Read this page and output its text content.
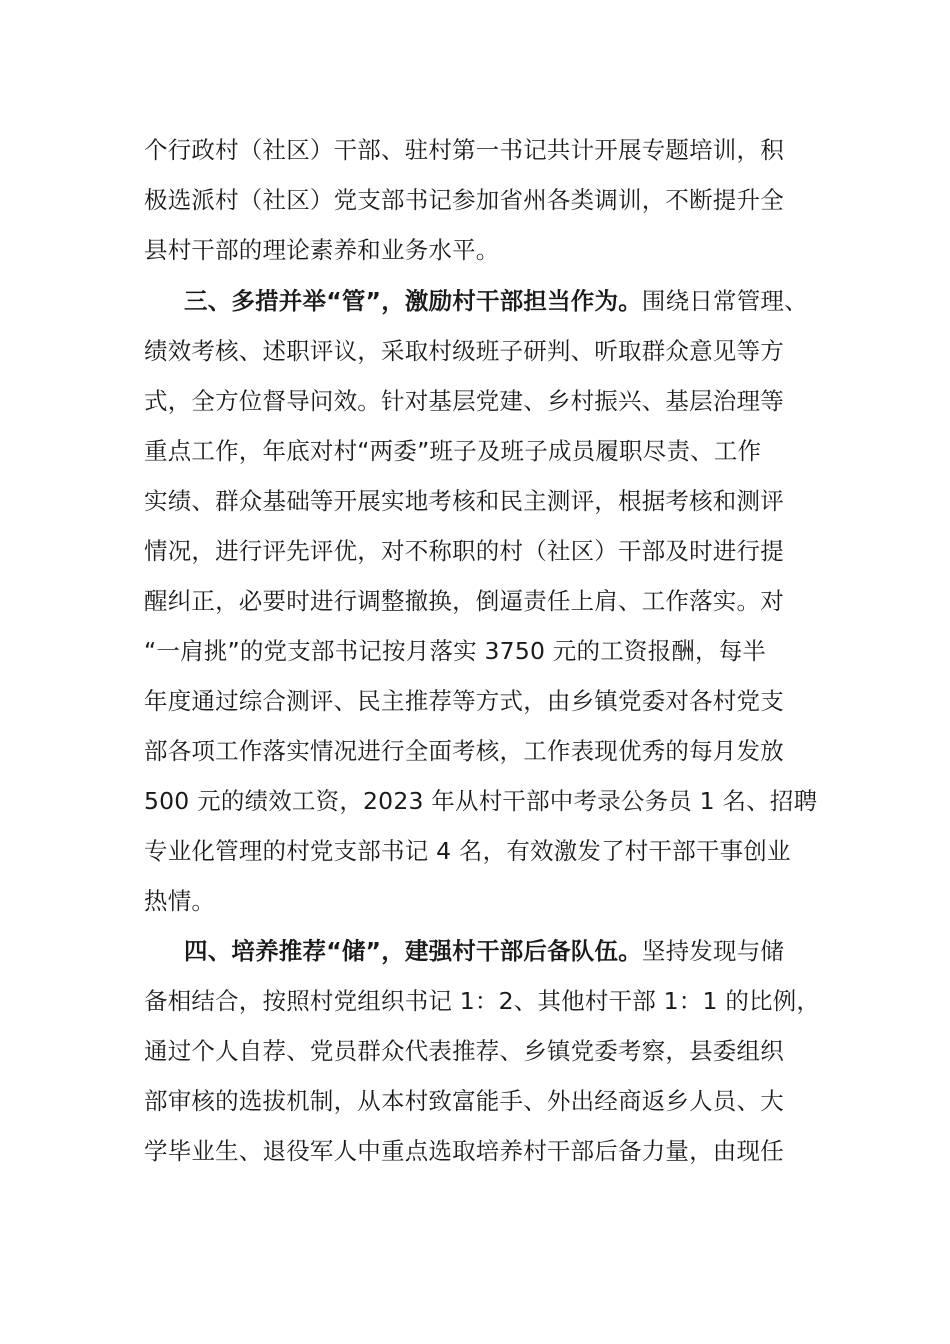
个行政村（社区）干部、驻村第一书记共计开展专题培训，积
极选派村（社区）党支部书记参加省州各类调训，不断提升全
县村干部的理论素养和业务水平。
三、多措并举“管”，激励村干部担当作为。围绕日常管理、
绩效考核、述职评议，采取村级班子研判、听取群众意见等方
式，全方位督导问效。针对基层党建、乡村振兴、基层治理等
重点工作，年底对村“两委”班子及班子成员履职尽责、工作
实绩、群众基础等开展实地考核和民主测评，根据考核和测评
情况，进行评先评优，对不称职的村（社区）干部及时进行提
醒纠正，必要时进行调整撤换，倒逼责任上肩、工作落实。对
“一肩挑”的党支部书记按月落实 3750 元的工资报酬，每半
年度通过综合测评、民主推荐等方式，由乡镇党委对各村党支
部各项工作落实情况进行全面考核，工作表现优秀的每月发放
500 元的绩效工资，2023 年从村干部中考录公务员 1 名、招聘
专业化管理的村党支部书记 4 名，有效激发了村干部干事创业
热情。
四、培养推荐“储”，建强村干部后备队伍。坚持发现与储
备相结合，按照村党组织书记 1：2、其他村干部 1：1 的比例，
通过个人自荐、党员群众代表推荐、乡镇党委考察，县委组织
部审核的选拔机制，从本村致富能手、外出经商返乡人员、大
学毕业生、退役军人中重点选取培养村干部后备力量，由现任
